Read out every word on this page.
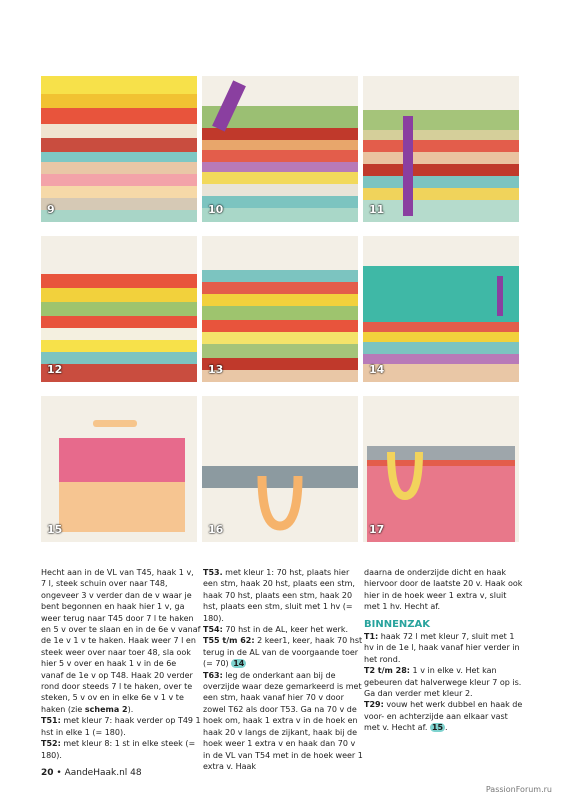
9	10	11
12	13	14
15	16	17

Hecht aan in de VL van T45, haak 1 v, 7 l, steek schuin over naar T48, ongeveer 3 v verder dan de v waar je bent begonnen en haak hier 1 v, ga weer terug naar T45 door 7 l te haken en 5 v over te slaan en in de 6e v vanaf de 1e v 1 v te haken. Haak weer 7 l en steek weer over naar toer 48, sla ook hier 5 v over en haak 1 v in de 6e vanaf de 1e v op T48. Haak 20 verder rond door steeds 7 l te haken, over te steken, 5 v ov en in elke 6e v 1 v te haken (zie schema 2).

T51: met kleur 7: haak verder op T49 1 hst in elke 1 (= 180).

T52: met kleur 8: 1 st in elke steek (= 180).

T53. met kleur 1: 70 hst, plaats hier een stm, haak 20 hst, plaats een stm, haak 70 hst, plaats een stm, haak 20 hst, plaats een stm, sluit met 1 hv (= 180).

T54: 70 hst in de AL, keer het werk.

T55 t/m 62: 2 keer1, keer, haak 70 hst terug in de AL van de voorgaande toer (= 70) 14

T63: leg de onderkant aan bij de overzijde waar deze gemarkeerd is met een stm, haak vanaf hier 70 v door zowel T62 als door T53. Ga na 70 v de hoek om, haak 1 extra v in de hoek en haak 20 v langs de zijkant, haak bij de hoek weer 1 extra v en haak dan 70 v in de VL van T54 met in de hoek weer 1 extra v. Haak

daarna de onderzijde dicht en haak hiervoor door de laatste 20 v. Haak ook hier in de hoek weer 1 extra v, sluit met 1 hv. Hecht af.

BINNENZAK

T1: haak 72 l met kleur 7, sluit met 1 hv in de 1e l, haak vanaf hier verder in het rond.

T2 t/m 28: 1 v in elke v. Het kan gebeuren dat halverwege kleur 7 op is. Ga dan verder met kleur 2.

T29: vouw het werk dubbel en haak de voor- en achterzijde aan elkaar vast met v. Hecht af. 15 .

20 • AandeHaak.nl 48
PassionForum.ru
